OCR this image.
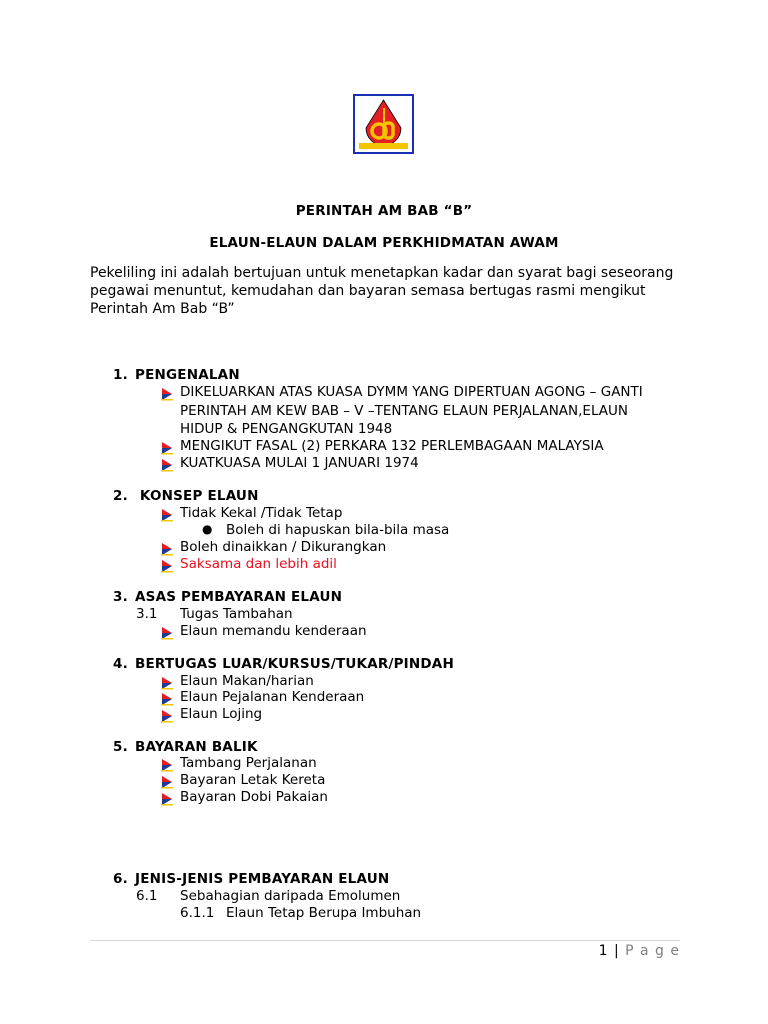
PERINTAH AM BAB “B”
ELAUN-ELAUN DALAM PERKHIDMATAN AWAM
Pekeliling ini adalah bertujuan untuk menetapkan kadar dan syarat bagi seseorang pegawai menuntut, kemudahan dan bayaran semasa bertugas rasmi mengikut Perintah Am Bab “B”
1. PENGENALAN
DIKELUARKAN ATAS KUASA DYMM YANG DIPERTUAN AGONG – GANTI
PERINTAH AM KEW BAB – V –TENTANG ELAUN PERJALANAN,ELAUN
HIDUP & PENGANGKUTAN 1948
MENGIKUT FASAL (2) PERKARA 132 PERLEMBAGAAN MALAYSIA
KUATKUASA MULAI 1 JANUARI 1974
2. KONSEP ELAUN
Tidak Kekal /Tidak Tetap
● Boleh di hapuskan bila-bila masa
Boleh dinaikkan / Dikurangkan
Saksama dan lebih adil
3. ASAS PEMBAYARAN ELAUN
3.1 Tugas Tambahan
Elaun memandu kenderaan
4. BERTUGAS LUAR/KURSUS/TUKAR/PINDAH
Elaun Makan/harian
Elaun Pejalanan Kenderaan
Elaun Lojing
5. BAYARAN BALIK
Tambang Perjalanan
Bayaran Letak Kereta
Bayaran Dobi Pakaian
6. JENIS-JENIS PEMBAYARAN ELAUN
6.1 Sebahagian daripada Emolumen
6.1.1 Elaun Tetap Berupa Imbuhan
1 | P a g e
